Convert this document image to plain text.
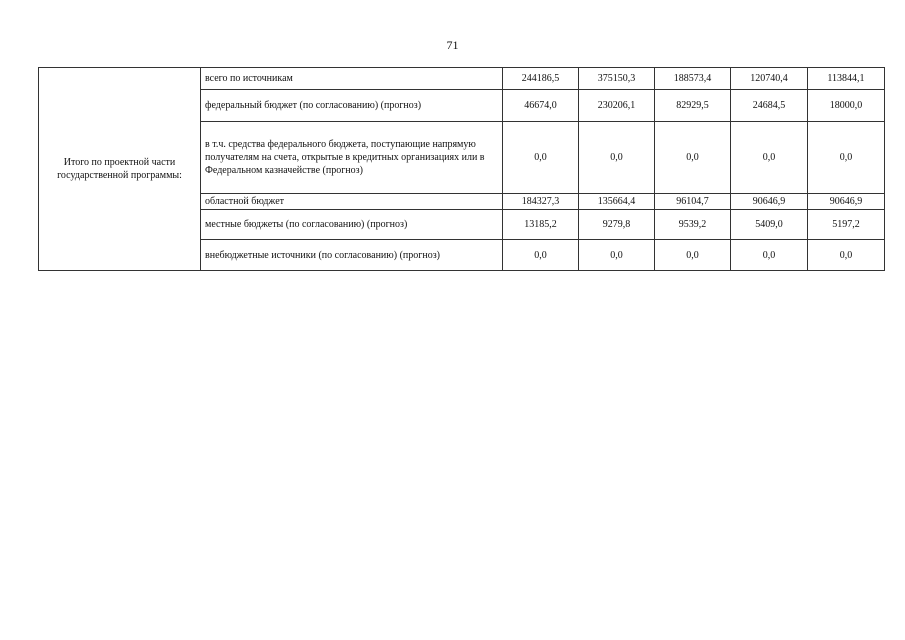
71
Итого по проектной части государственной программы:	всего по источникам	244186,5	375150,3	188573,4	120740,4	113844,1
	федеральный бюджет (по согласованию) (прогноз)	46674,0	230206,1	82929,5	24684,5	18000,0
	в т.ч. средства федерального бюджета, поступающие напрямую получателям на счета, открытые в кредитных организациях или в Федеральном казначействе (прогноз)	0,0	0,0	0,0	0,0	0,0
	областной бюджет	184327,3	135664,4	96104,7	90646,9	90646,9
	местные бюджеты (по согласованию) (прогноз)	13185,2	9279,8	9539,2	5409,0	5197,2
	внебюджетные источники (по согласованию) (прогноз)	0,0	0,0	0,0	0,0	0,0
